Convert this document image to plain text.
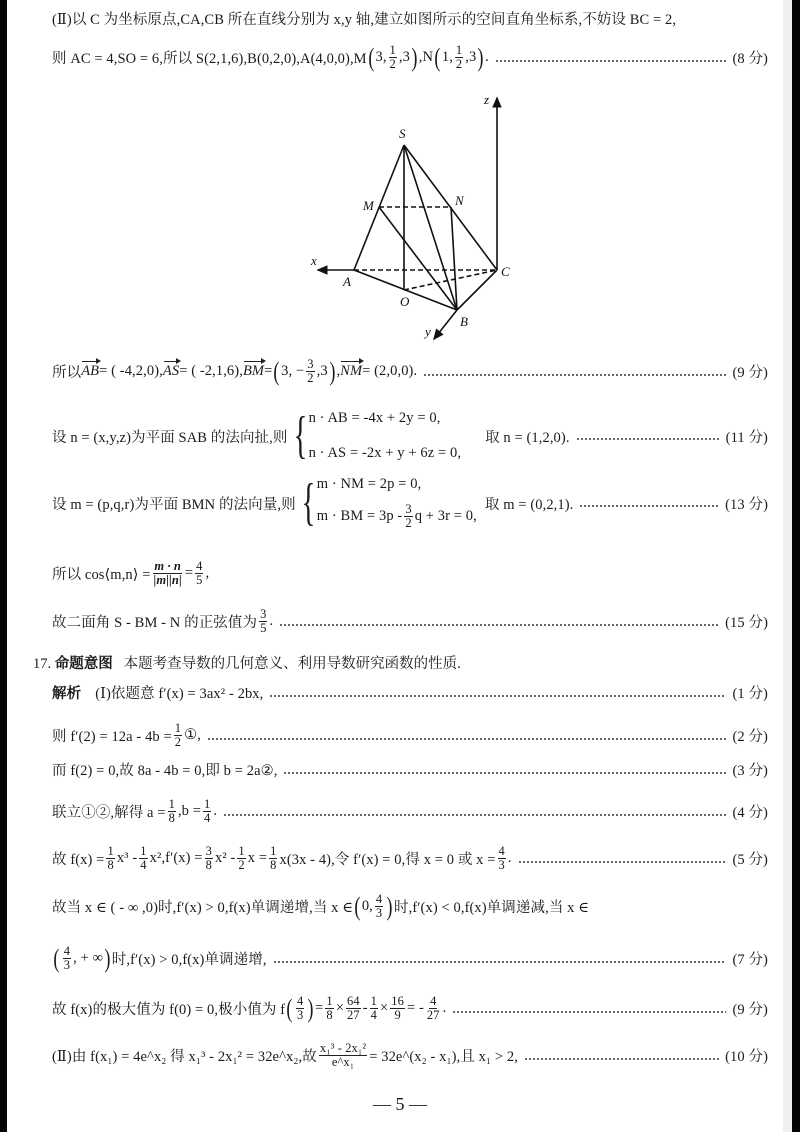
(Ⅱ)以 C 为坐标原点,CA,CB 所在直线分别为 x,y 轴,建立如图所示的空间直角坐标系,不妨设 BC = 2,
则 AC = 4,SO = 6,所以 S(2,1,6),B(0,2,0),A(4,0,0),M ( 3 , $\frac{1}{2}$ , 3 ) ,N ( 1 , $\frac{1}{2}$ , 3 ) .	(8 分)
S
M	N
A
O
B
C
x
y
z
所以 AB = ( -4,2,0) , AS = ( -2,1,6) , BM = ( 3 , − $\frac{3}{2}$ , 3 ) , NM = (2,0,0).	(9 分)
设 n = (x,y,z)为平面 SAB 的法向扯,则 { n · AB = -4x + 2y = 0,
n · AS = -2x + y + 6z = 0,
取 n = (1,2,0).	(11 分)
设 m = (p,q,r)为平面 BMN 的法向量,则 { m · NM = 2p = 0,
m · BM = $3p - \frac{3}{2}$ q + 3r = 0,
取 m = (0,2,1).	(13 分)
所以 cos⟨m,n⟩ = $\frac{m \cdot n}{|m||n|} = \frac{4}{5}$ ,
故二面角 S - BM - N 的正弦值为 $\frac{3}{5}$ .	(15 分)
17. 命题意图 本题考查导数的几何意义、利用导数研究函数的性质.
解析 (Ⅰ)依题意 f′(x) = 3ax² - 2bx,	(1 分)
则 $f'(2) = 12a - 4b = \frac{1}{2}$ ①,	(2 分)
而 f(2) = 0,故 8a - 4b = 0,即 b = 2a②,	(3 分)
联立①②,解得 $a = \frac{1}{8} ,b = \frac{1}{4}$ .	(4 分)
故 $f(x) = \frac{1}{8} x^3 - \frac{1}{4} x^2,f'(x) = \frac{3}{8} x^2 - \frac{1}{2}$ $x = \frac{1}{8} x(3x - 4)$,令 f′(x) = 0,得 x = 0 或 $x = \frac{4}{3}$ .	(5 分)
故当 x ∈ ( - ∞ ,0)时,f′(x) > 0,f(x)单调递增,当 x ∈ ( 0, $\frac{4}{3}$ ) 时,f′(x) < 0,f(x)单调递减,当 x ∈
( $\frac{4}{3}$ , + ∞ ) 时,f′(x) > 0,f(x)单调递增,	(7 分)
故 f(x)的极大值为 f(0) = 0,极小值为 f ( $\frac{4}{3}$ ) = $\frac{1}{8} \times \frac{64}{27} - \frac{1}{4} \times \frac{16}{9}$ = - $\frac{4}{27}$ .	(9 分)
(Ⅱ)由 f(x₁) = 4e^x₂ 得 x₁³ - 2x₁² = 32e^x₂,故 $\frac{\text{x₁³ - 2x₁²}}{\text{e\textasciicircum{}x₁}}$ = 32e^(x₂ - x₁),且 x₁ > 2,	(10 分)
— 5 —
